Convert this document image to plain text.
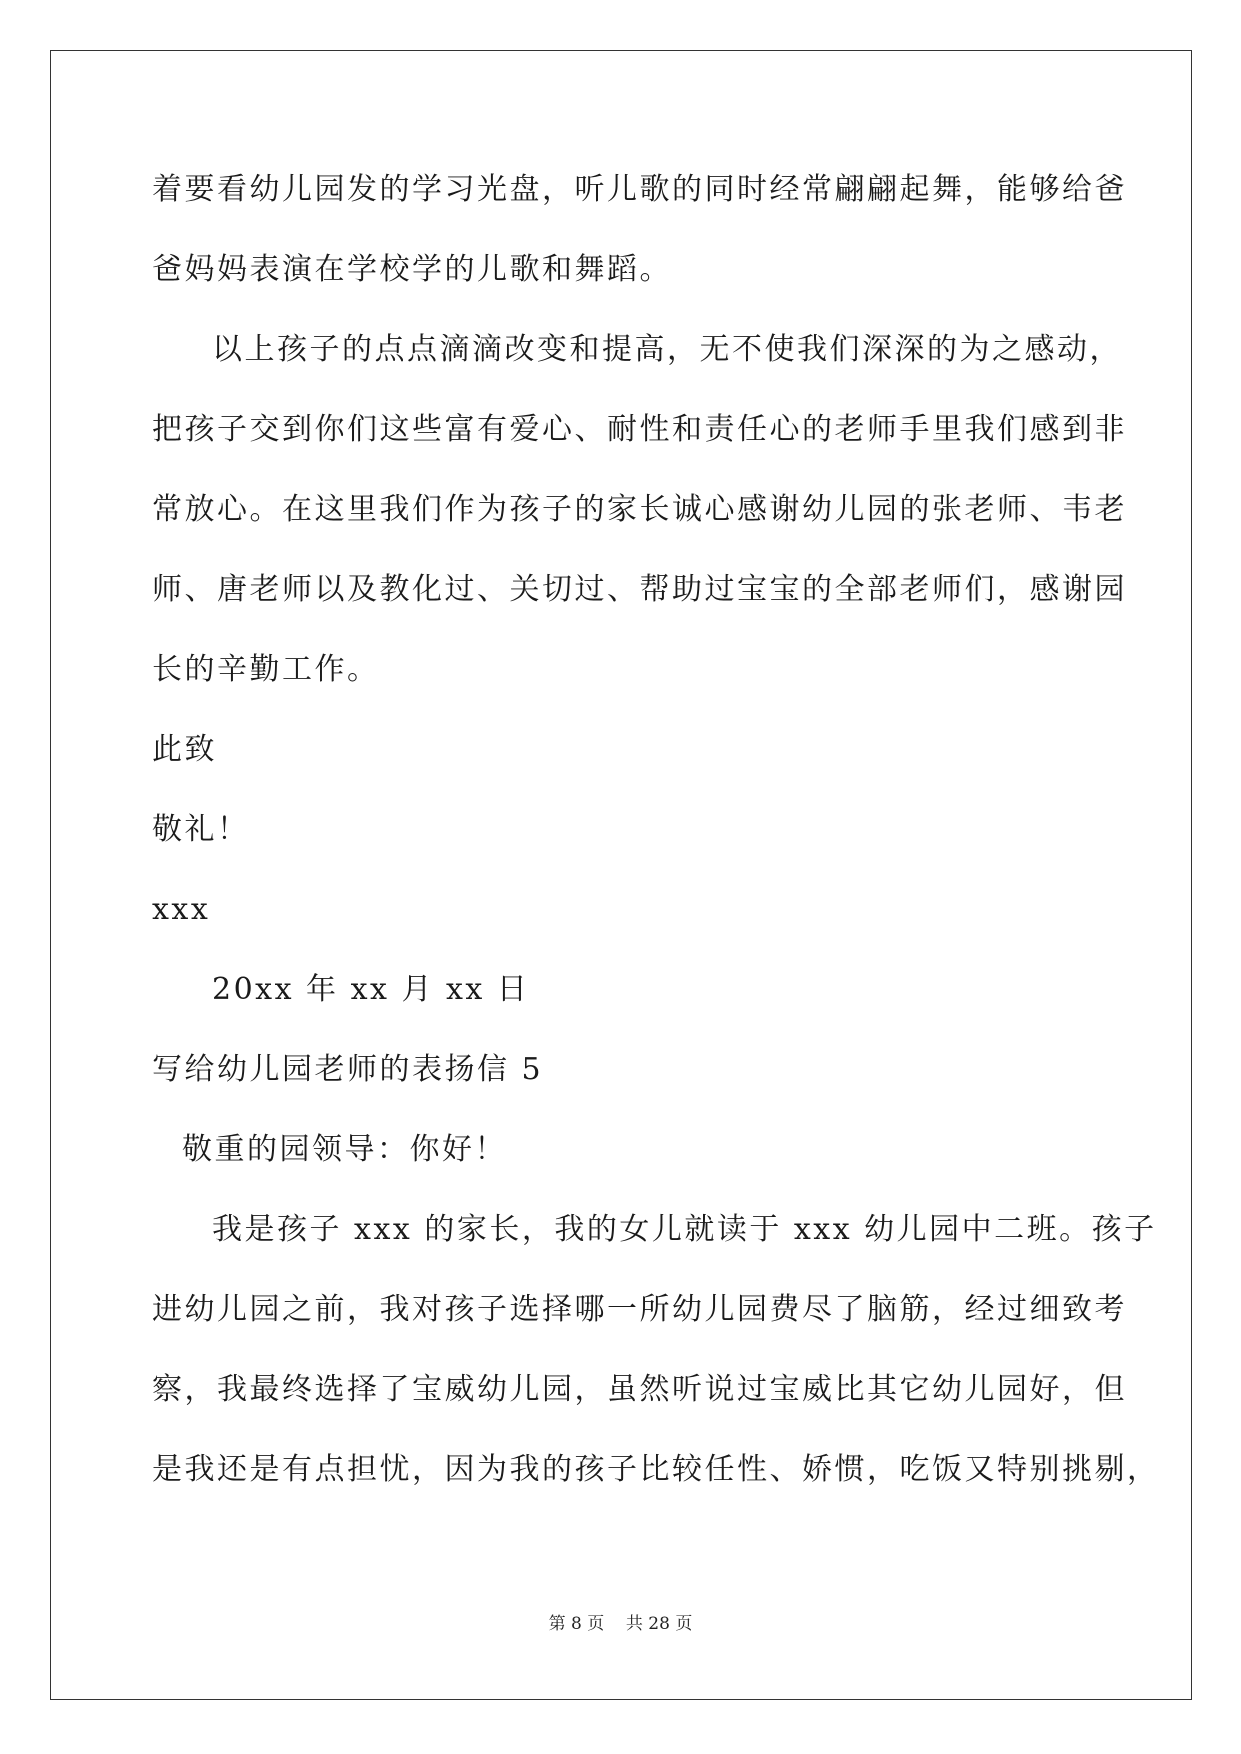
着要看幼儿园发的学习光盘，听儿歌的同时经常翩翩起舞，能够给爸
爸妈妈表演在学校学的儿歌和舞蹈。
以上孩子的点点滴滴改变和提高，无不使我们深深的为之感动，
把孩子交到你们这些富有爱心、耐性和责任心的老师手里我们感到非
常放心。在这里我们作为孩子的家长诚心感谢幼儿园的张老师、韦老
师、唐老师以及教化过、关切过、帮助过宝宝的全部老师们，感谢园
长的辛勤工作。
此致
敬礼！
xxx
20xx 年 xx 月 xx 日
写给幼儿园老师的表扬信 5
敬重的园领导：你好！
我是孩子 xxx 的家长，我的女儿就读于 xxx 幼儿园中二班。孩子
进幼儿园之前，我对孩子选择哪一所幼儿园费尽了脑筋，经过细致考
察，我最终选择了宝威幼儿园，虽然听说过宝威比其它幼儿园好，但
是我还是有点担忧，因为我的孩子比较任性、娇惯，吃饭又特别挑剔，
第 8 页    共 28 页
